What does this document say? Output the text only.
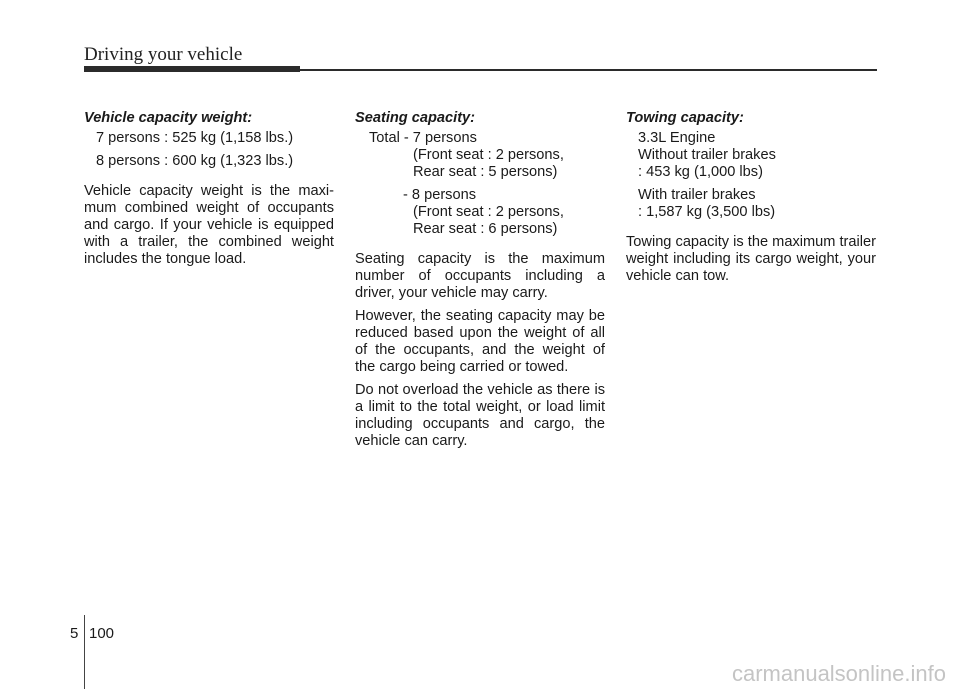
Driving your vehicle
Vehicle capacity weight:
7 persons : 525 kg (1,158 lbs.)
8 persons : 600 kg (1,323 lbs.)
Vehicle capacity weight is the maxi-mum combined weight of occupants and cargo. If your vehicle is equipped with a trailer, the combined weight includes the tongue load.
Seating capacity:
Total - 7 persons
(Front seat : 2 persons,
Rear seat : 5 persons)
- 8 persons
(Front seat : 2 persons,
Rear seat : 6 persons)
Seating capacity is the maximum number of occupants including a driver, your vehicle may carry.
However, the seating capacity may be reduced based upon the weight of all of the occupants, and the weight of the cargo being carried or towed.
Do not overload the vehicle as there is a limit to the total weight, or load limit including occupants and cargo, the vehicle can carry.
Towing capacity:
3.3L Engine
Without trailer brakes
: 453 kg (1,000 lbs)
With trailer brakes
: 1,587 kg (3,500 lbs)
Towing capacity is the maximum trailer weight including its cargo weight, your vehicle can tow.
5 100
carmanualsonline.info
